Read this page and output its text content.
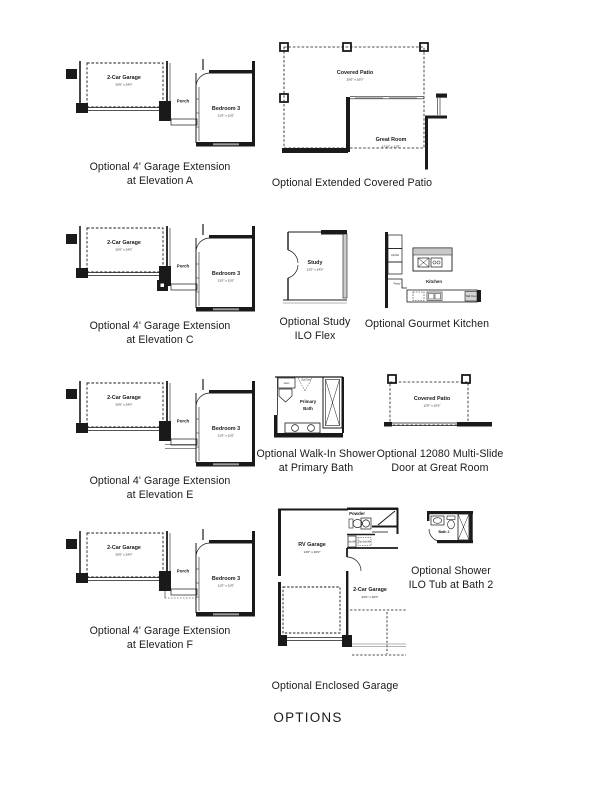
2-Car Garage
20'0" x 24'0"
Porch
Bedroom 3
11'0" x 11'0"
Optional 4' Garage Extension
at Elevation A
Covered Patio
20'0" x 10'0"
Great Room
17'10" x 17'0"
Optional Extended Covered Patio
2-Car Garage
20'0" x 24'0"
Porch
Bedroom 3
11'0" x 11'0"
Optional 4' Garage Extension
at Elevation C
Study
12'0" x 14'0"
Optional Study
ILO Flex
Opt Ref
Pantry
Kitchen
Wall Oven
Optional Gourmet Kitchen
2-Car Garage
20'0" x 24'0"
Porch
Bedroom 3
11'0" x 11'0"
Optional 4' Garage Extension
at Elevation E
Linen
Opt Door
Primary
Bath
Optional Walk-In Shower
at Primary Bath
Covered Patio
12'0" x 10'0"
Optional 12080 Multi-Slide
Door at Great Room
2-Car Garage
20'0" x 24'0"
Porch
Bedroom 3
11'0" x 11'0"
Optional 4' Garage Extension
at Elevation F
Powder
Opt WH Opt Soft Wtr
RV Garage
14'0" x 40'0"
2-Car Garage
20'0" x 20'0"
Optional Enclosed Garage
Bath 2
Optional Shower
ILO Tub at Bath 2
OPTIONS
